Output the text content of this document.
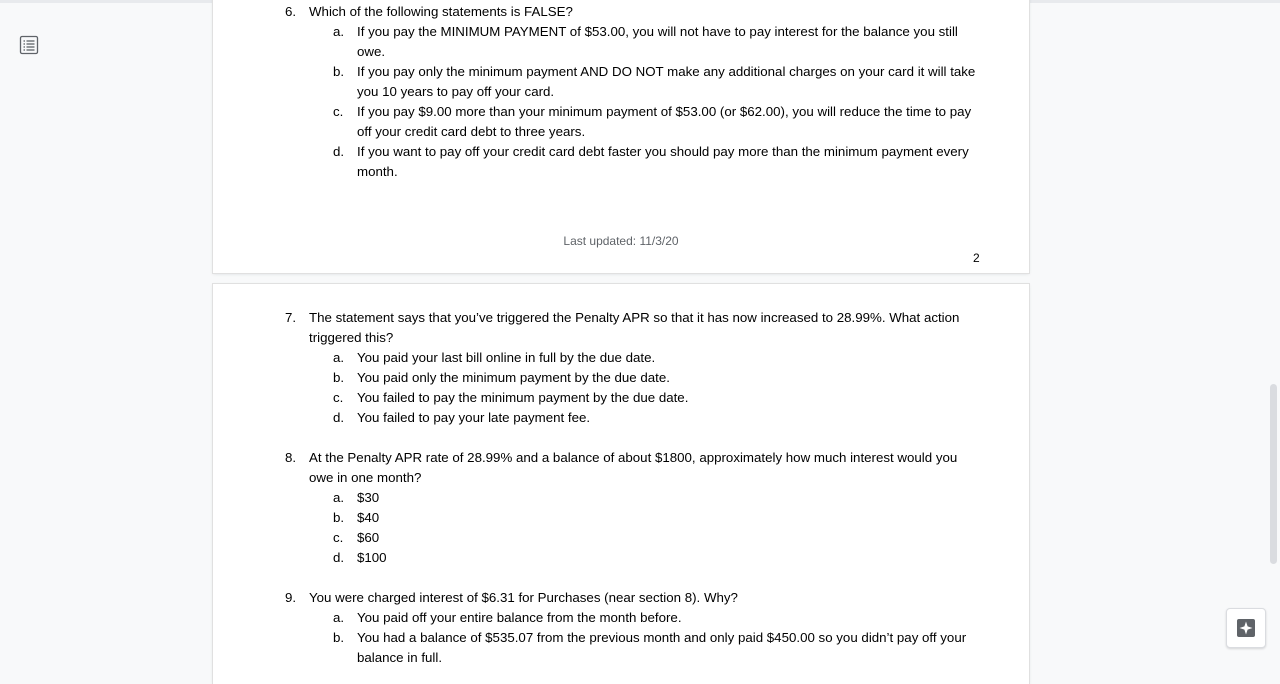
6. Which of the following statements is FALSE?
a. If you pay the MINIMUM PAYMENT of $53.00, you will not have to pay interest for the balance you still owe.
b. If you pay only the minimum payment AND DO NOT make any additional charges on your card it will take you 10 years to pay off your card.
c. If you pay $9.00 more than your minimum payment of $53.00 (or $62.00), you will reduce the time to pay off your credit card debt to three years.
d. If you want to pay off your credit card debt faster you should pay more than the minimum payment every month.
Last updated: 11/3/20
2
7. The statement says that you’ve triggered the Penalty APR so that it has now increased to 28.99%. What action triggered this?
a. You paid your last bill online in full by the due date.
b. You paid only the minimum payment by the due date.
c. You failed to pay the minimum payment by the due date.
d. You failed to pay your late payment fee.
8. At the Penalty APR rate of 28.99% and a balance of about $1800, approximately how much interest would you owe in one month?
a. $30
b. $40
c. $60
d. $100
9. You were charged interest of $6.31 for Purchases (near section 8). Why?
a. You paid off your entire balance from the month before.
b. You had a balance of $535.07 from the previous month and only paid $450.00 so you didn’t pay off your balance in full.
